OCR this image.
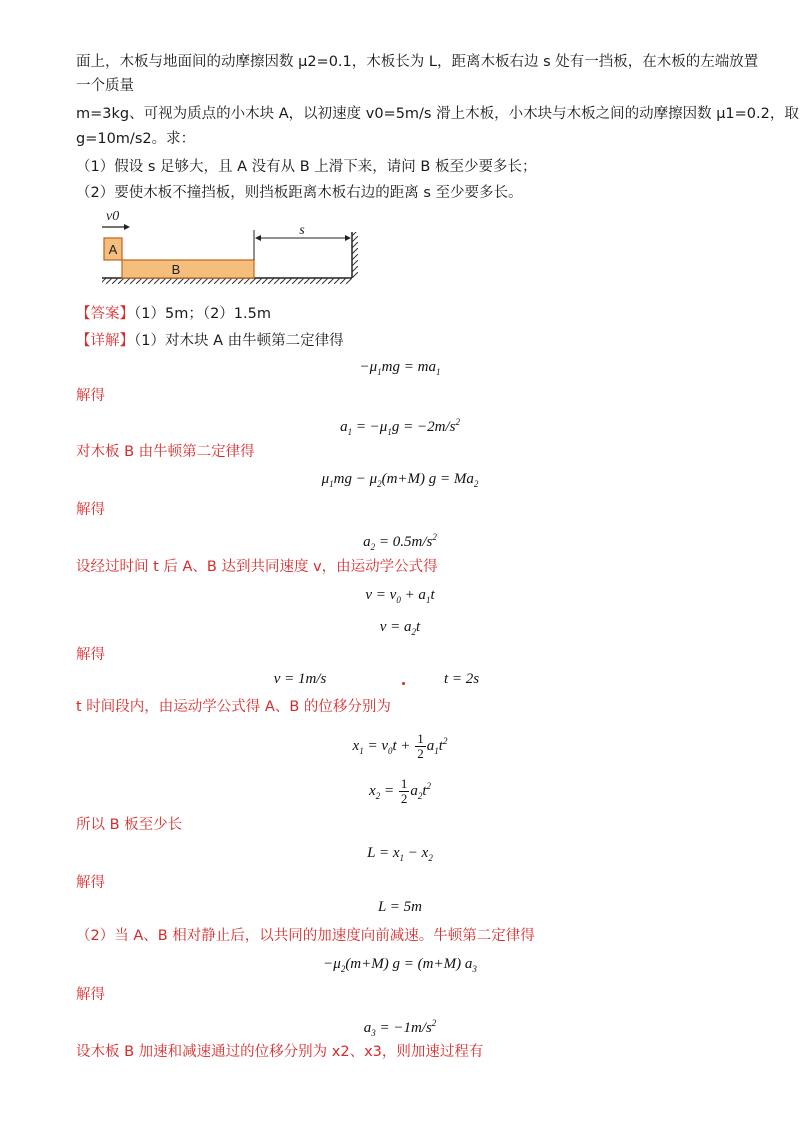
面上，木板与地面间的动摩擦因数 μ2=0.1，木板长为 L，距离木板右边 s 处有一挡板，在木板的左端放置
一个质量
m=3kg、可视为质点的小木块 A，以初速度 v0=5m/s 滑上木板，小木块与木板之间的动摩擦因数 μ1=0.2，取
g=10m/s2。求：
（1）假设 s 足够大，且 A 没有从 B 上滑下来，请问 B 板至少要多长；
（2）要使木板不撞挡板，则挡板距离木板右边的距离 s 至少要多长。
A
B
v0
s
【答案】（1）5m；（2）1.5m
【详解】（1）对木块 A 由牛顿第二定律得
$-\mu_1mg = ma_1$
解得
$a_1 = -\mu_1g = -2m/s^2$
对木板 B 由牛顿第二定律得
$\mu_1mg - \mu_2(m+M) g = Ma_2$
解得
$a_2 = 0.5m/s^2$
设经过时间 t 后 A、B 达到共同速度 v，由运动学公式得
$v = v_0 + a_1t$
$v = a_2t$
解得
v = 1m/s	t = 2s
t 时间段内，由运动学公式得 A、B 的位移分别为
$x_1 = v_0t + \frac{1}{2} a_1t^2$
$x_2 = \frac{1}{2} a_2t^2$
所以 B 板至少长
$L = x_1 - x_2$
解得
L = 5m
（2）当 A、B 相对静止后，以共同的加速度向前减速。牛顿第二定律得
$-\mu_2(m+M) g = (m+M)$ $a_3$
解得
$a_3 = -1m/s^2$
设木板 B 加速和减速通过的位移分别为 x2、x3，则加速过程有
